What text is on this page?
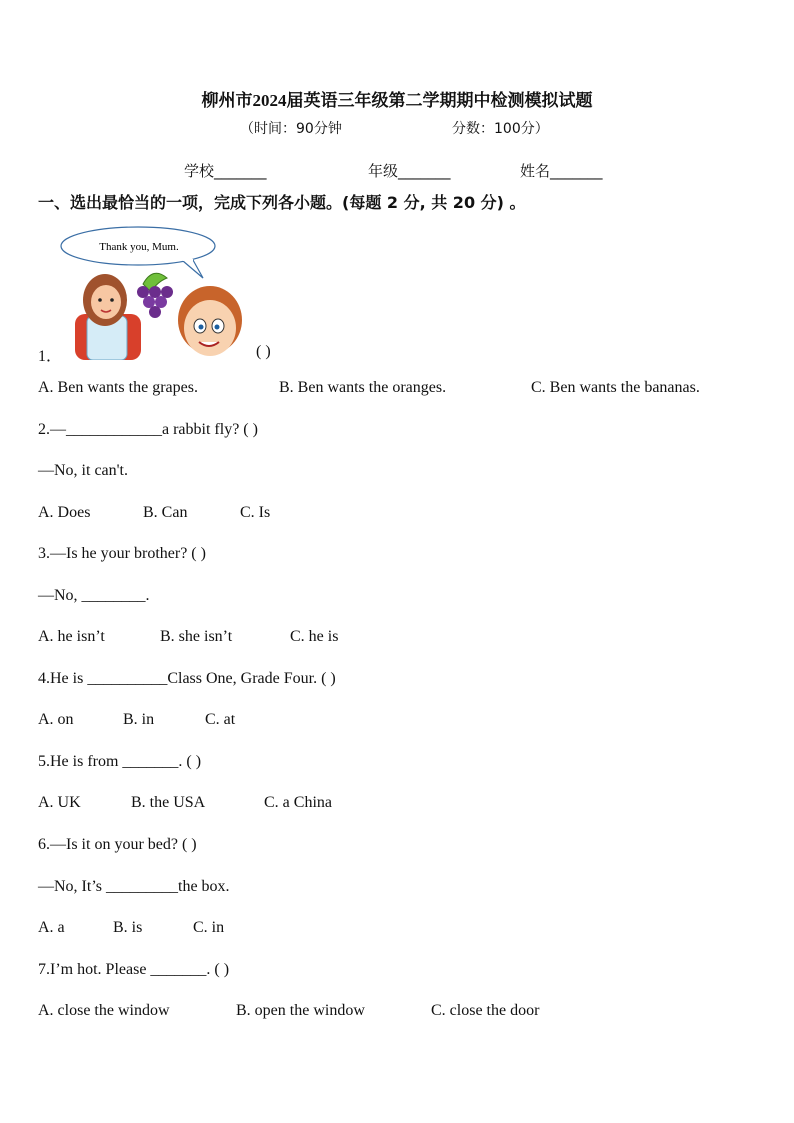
柳州市2024届英语三年级第二学期期中检测模拟试题
（时间：90分钟	分数：100分）
学校_______	年级_______	姓名_______
一、选出最恰当的一项，完成下列各小题。(每题 2 分, 共 20 分) 。
Thank you, Mum.
1．	( )
A. Ben wants the grapes.	B. Ben wants the oranges.	C. Ben wants the bananas.
2.—____________a rabbit fly? ( )
—No, it can't.
A. Does	B. Can	C. Is
3.—Is he your brother? ( )
—No, ________.
A. he isn’t	B. she isn’t	C. he is
4.He is __________Class One, Grade Four. ( )
A. on	B. in	C. at
5.He is from _______. ( )
A. UK	B. the USA	C. a China
6.—Is it on your bed? ( )
—No, It’s _________the box.
A. a	B. is	C. in
7.I’m hot. Please _______. ( )
A. close the window	B. open the window	C. close the door
